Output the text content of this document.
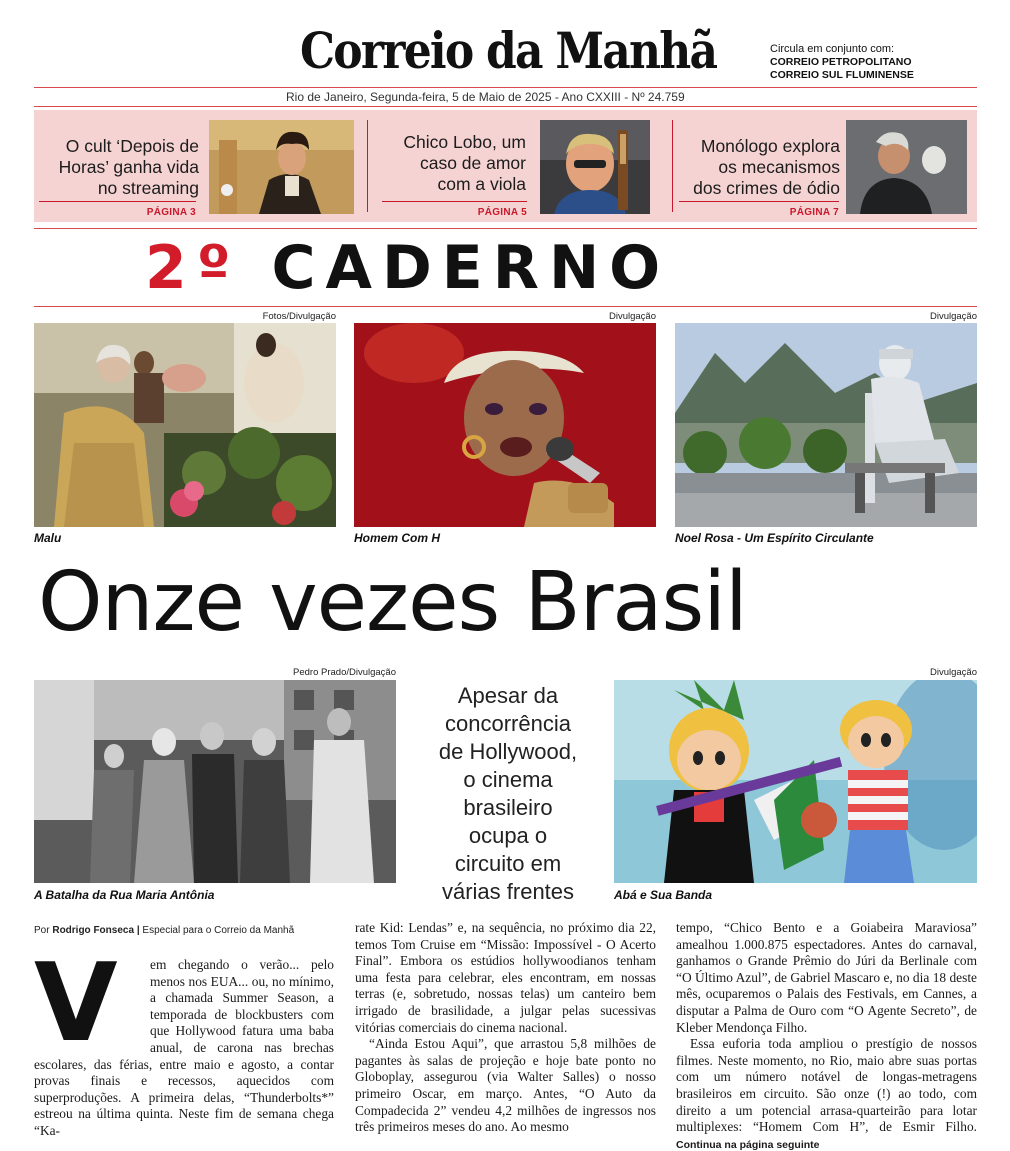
Correio da Manhã	Circula em conjunto com:
CORREIO PETROPOLITANO
CORREIO SUL FLUMINENSE
Rio de Janeiro, Segunda-feira, 5 de Maio de 2025 - Ano CXXIII - Nº 24.759
O cult ‘Depois de
Horas’ ganha vida
no streaming
PÁGINA 3
Chico Lobo, um
caso de amor
com a viola
PÁGINA 5
Monólogo explora
os mecanismos
dos crimes de ódio
PÁGINA 7
2º CADERNO
Fotos/Divulgação
Malu
Divulgação
Homem Com H
Divulgação
Noel Rosa - Um Espírito Circulante
Onze vezes Brasil
Pedro Prado/Divulgação
A Batalha da Rua Maria Antônia
Apesar da
concorrência
de Hollywood,
o cinema
brasileiro
ocupa o
circuito em
várias frentes
Divulgação
Abá e Sua Banda
Por Rodrigo Fonseca | Especial para o Correio da Manhã
V	em chegando o verão... pelo menos nos EUA... ou, no mínimo, a chamada Summer Season, a temporada de blockbusters com que Hollywood fatura uma baba anual, de carona nas brechas escolares, das férias, entre maio e agosto, a contar provas finais e recessos, aquecidos com superproduções. A primeira delas, “Thunderbolts*” estreou na última quinta. Neste fim de semana chega “Ka-

rate Kid: Lendas” e, na sequência, no próximo dia 22, temos Tom Cruise em “Missão: Impossível - O Acerto Final”. Embora os estúdios hollywoodianos tenham uma festa para celebrar, eles encontram, em nossas terras (e, sobretudo, nossas telas) um canteiro bem irrigado de brasilidade, a julgar pelas sucessivas vitórias comerciais do cinema nacional.

“Ainda Estou Aqui”, que arrastou 5,8 milhões de pagantes às salas de projeção e hoje bate ponto no Globoplay, assegurou (via Walter Salles) o nosso primeiro Oscar, em março. Antes, “O Auto da Compadecida 2” vendeu 4,2 milhões de ingressos nos três primeiros meses do ano. Ao mesmo

tempo, “Chico Bento e a Goiabeira Maraviosa” amealhou 1.000.875 espectadores. Antes do carnaval, ganhamos o Grande Prêmio do Júri da Berlinale com “O Último Azul”, de Gabriel Mascaro e, no dia 18 deste mês, ocuparemos o Palais des Festivals, em Cannes, a disputar a Palma de Ouro com “O Agente Secreto”, de Kleber Mendonça Filho.

Essa euforia toda ampliou o prestígio de nossos filmes. Neste momento, no Rio, maio abre suas portas com um número notável de longas-metragens brasileiros em circuito. São onze (!) ao todo, com direito a um potencial arrasa-quarteirão para lotar multiplexes: “Homem Com H”, de Esmir Filho. Continua na página seguinte
